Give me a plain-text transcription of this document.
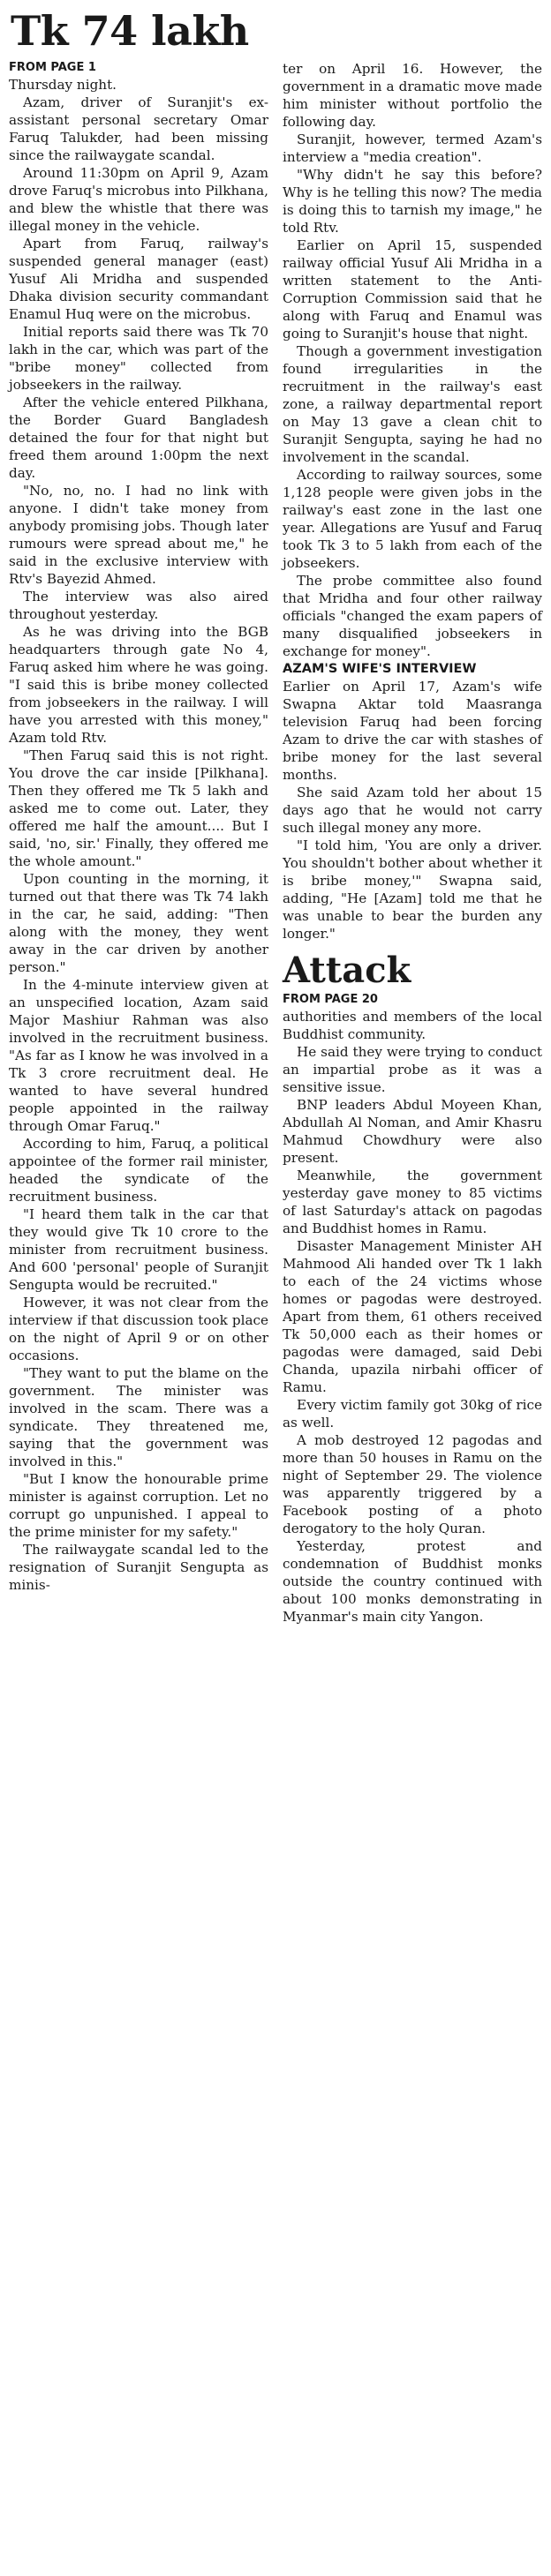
Tk 74 lakh
FROM PAGE 1

Thursday night.

Azam, driver of Suranjit's ex-assistant personal secretary Omar Faruq Talukder, had been missing since the railwaygate scandal.

Around 11:30pm on April 9, Azam drove Faruq's microbus into Pilkhana, and blew the whistle that there was illegal money in the vehicle.

Apart from Faruq, railway's suspended general manager (east) Yusuf Ali Mridha and suspended Dhaka division security commandant Enamul Huq were on the microbus.

Initial reports said there was Tk 70 lakh in the car, which was part of the "bribe money" collected from jobseekers in the railway.

After the vehicle entered Pilkhana, the Border Guard Bangladesh detained the four for that night but freed them around 1:00pm the next day.

"No, no, no. I had no link with anyone. I didn't take money from anybody promising jobs. Though later rumours were spread about me," he said in the exclusive interview with Rtv's Bayezid Ahmed.

The interview was also aired throughout yesterday.

As he was driving into the BGB headquarters through gate No 4, Faruq asked him where he was going. "I said this is bribe money collected from jobseekers in the railway. I will have you arrested with this money," Azam told Rtv.

"Then Faruq said this is not right. You drove the car inside [Pilkhana]. Then they offered me Tk 5 lakh and asked me to come out. Later, they offered me half the amount.... But I said, 'no, sir.' Finally, they offered me the whole amount."

Upon counting in the morning, it turned out that there was Tk 74 lakh in the car, he said, adding: "Then along with the money, they went away in the car driven by another person."

In the 4-minute interview given at an unspecified location, Azam said Major Mashiur Rahman was also involved in the recruitment business. "As far as I know he was involved in a Tk 3 crore recruitment deal. He wanted to have several hundred people appointed in the railway through Omar Faruq."

According to him, Faruq, a political appointee of the former rail minister, headed the syndicate of the recruitment business.

"I heard them talk in the car that they would give Tk 10 crore to the minister from recruitment business. And 600 'personal' people of Suranjit Sengupta would be recruited."

However, it was not clear from the interview if that discussion took place on the night of April 9 or on other occasions.

"They want to put the blame on the government. The minister was involved in the scam. There was a syndicate. They threatened me, saying that the government was involved in this."

"But I know the honourable prime minister is against corruption. Let no corrupt go unpunished. I appeal to the prime minister for my safety."

The railwaygate scandal led to the resignation of Suranjit Sengupta as minis-

ter on April 16. However, the government in a dramatic move made him minister without portfolio the following day.

Suranjit, however, termed Azam's interview a "media creation".

"Why didn't he say this before? Why is he telling this now? The media is doing this to tarnish my image," he told Rtv.

Earlier on April 15, suspended railway official Yusuf Ali Mridha in a written statement to the Anti-Corruption Commission said that he along with Faruq and Enamul was going to Suranjit's house that night.

Though a government investigation found irregularities in the recruitment in the railway's east zone, a railway departmental report on May 13 gave a clean chit to Suranjit Sengupta, saying he had no involvement in the scandal.

According to railway sources, some 1,128 people were given jobs in the railway's east zone in the last one year. Allegations are Yusuf and Faruq took Tk 3 to 5 lakh from each of the jobseekers.

The probe committee also found that Mridha and four other railway officials "changed the exam papers of many disqualified jobseekers in exchange for money".

AZAM'S WIFE'S INTERVIEW

Earlier on April 17, Azam's wife Swapna Aktar told Maasranga television Faruq had been forcing Azam to drive the car with stashes of bribe money for the last several months.

She said Azam told her about 15 days ago that he would not carry such illegal money any more.

"I told him, 'You are only a driver. You shouldn't bother about whether it is bribe money,'" Swapna said, adding, "He [Azam] told me that he was unable to bear the burden any longer."

Attack
FROM PAGE 20

authorities and members of the local Buddhist community.

He said they were trying to conduct an impartial probe as it was a sensitive issue.

BNP leaders Abdul Moyeen Khan, Abdullah Al Noman, and Amir Khasru Mahmud Chowdhury were also present.

Meanwhile, the government yesterday gave money to 85 victims of last Saturday's attack on pagodas and Buddhist homes in Ramu.

Disaster Management Minister AH Mahmood Ali handed over Tk 1 lakh to each of the 24 victims whose homes or pagodas were destroyed. Apart from them, 61 others received Tk 50,000 each as their homes or pagodas were damaged, said Debi Chanda, upazila nirbahi officer of Ramu.

Every victim family got 30kg of rice as well.

A mob destroyed 12 pagodas and more than 50 houses in Ramu on the night of September 29. The violence was apparently triggered by a Facebook posting of a photo derogatory to the holy Quran.

Yesterday, protest and condemnation of Buddhist monks outside the country continued with about 100 monks demonstrating in Myanmar's main city Yangon.
